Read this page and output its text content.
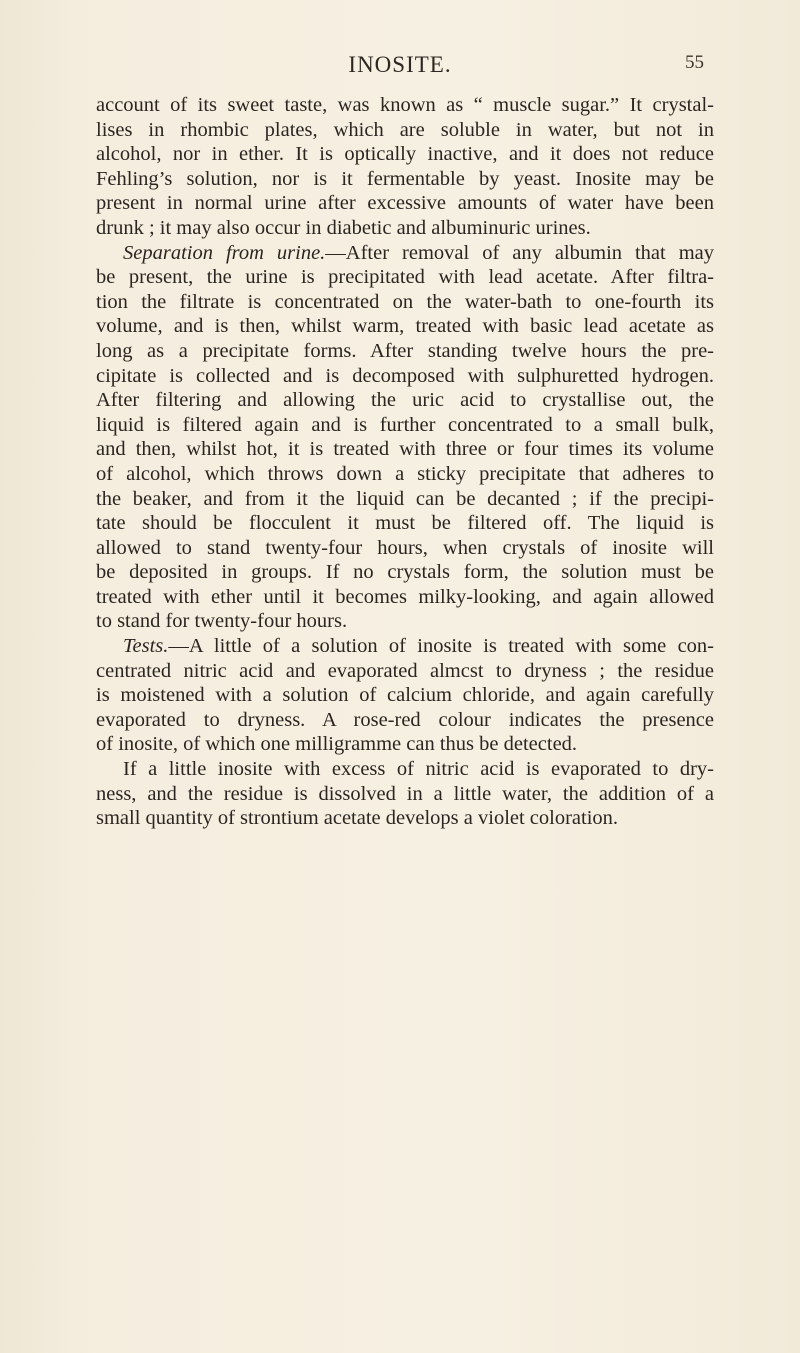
INOSITE.	55
account of its sweet taste, was known as “ muscle sugar.” It crystal-
lises in rhombic plates, which are soluble in water, but not in
alcohol, nor in ether. It is optically inactive, and it does not reduce
Fehling’s solution, nor is it fermentable by yeast. Inosite may be
present in normal urine after excessive amounts of water have been
drunk ; it may also occur in diabetic and albuminuric urines.
Separation from urine.—After removal of any albumin that may
be present, the urine is precipitated with lead acetate. After filtra-
tion the filtrate is concentrated on the water-bath to one-fourth its
volume, and is then, whilst warm, treated with basic lead acetate as
long as a precipitate forms. After standing twelve hours the pre-
cipitate is collected and is decomposed with sulphuretted hydrogen.
After filtering and allowing the uric acid to crystallise out, the
liquid is filtered again and is further concentrated to a small bulk,
and then, whilst hot, it is treated with three or four times its volume
of alcohol, which throws down a sticky precipitate that adheres to
the beaker, and from it the liquid can be decanted ; if the precipi-
tate should be flocculent it must be filtered off. The liquid is
allowed to stand twenty-four hours, when crystals of inosite will
be deposited in groups. If no crystals form, the solution must be
treated with ether until it becomes milky-looking, and again allowed
to stand for twenty-four hours.
Tests.—A little of a solution of inosite is treated with some con-
centrated nitric acid and evaporated almcst to dryness ; the residue
is moistened with a solution of calcium chloride, and again carefully
evaporated to dryness. A rose-red colour indicates the presence
of inosite, of which one milligramme can thus be detected.
If a little inosite with excess of nitric acid is evaporated to dry-
ness, and the residue is dissolved in a little water, the addition of a
small quantity of strontium acetate develops a violet coloration.
